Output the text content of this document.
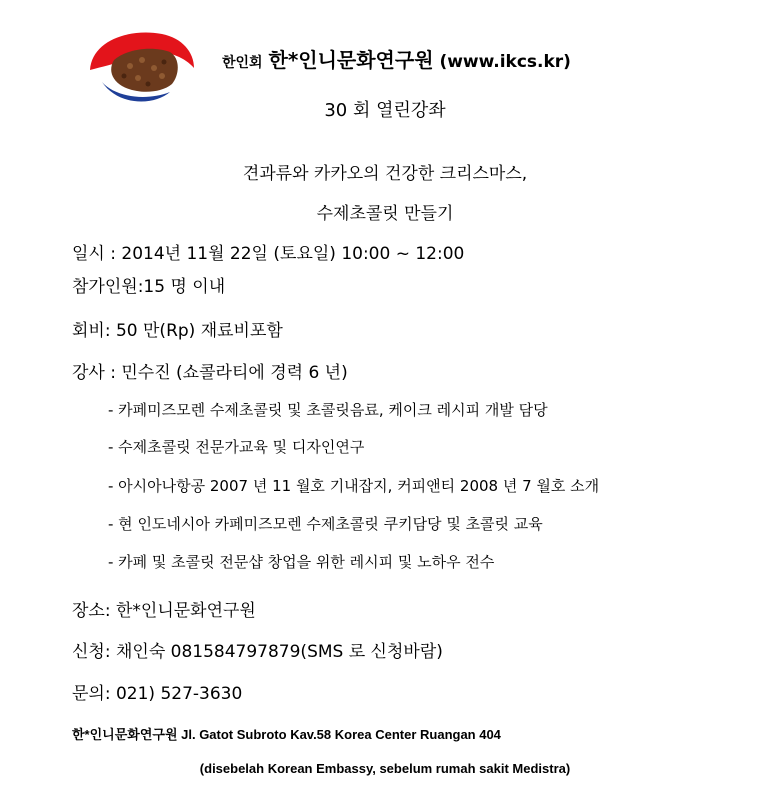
한인회 한*인니문화연구원 (www.ikcs.kr)
30 회 열린강좌
견과류와 카카오의 건강한 크리스마스,
수제초콜릿 만들기
일시 : 2014년 11월 22일 (토요일) 10:00 ~ 12:00
참가인원:15 명 이내
회비: 50 만(Rp) 재료비포함
강사 : 민수진 (쇼콜라티에 경력 6 년)
- 카페미즈모렌 수제초콜릿 및 초콜릿음료, 케이크 레시피 개발 담당
- 수제초콜릿 전문가교육 및 디자인연구
- 아시아나항공 2007 년 11 월호 기내잡지, 커피앤티 2008 년 7 월호 소개
- 현 인도네시아 카페미즈모렌 수제초콜릿 쿠키담당 및 초콜릿 교육
- 카페 및 초콜릿 전문샵 창업을 위한 레시피 및 노하우 전수
장소: 한*인니문화연구원
신청: 채인숙 081584797879(SMS 로 신청바람)
문의: 021) 527-3630
한*인니문화연구원 Jl. Gatot Subroto Kav.58 Korea Center Ruangan 404
(disebelah Korean Embassy, sebelum rumah sakit Medistra)
